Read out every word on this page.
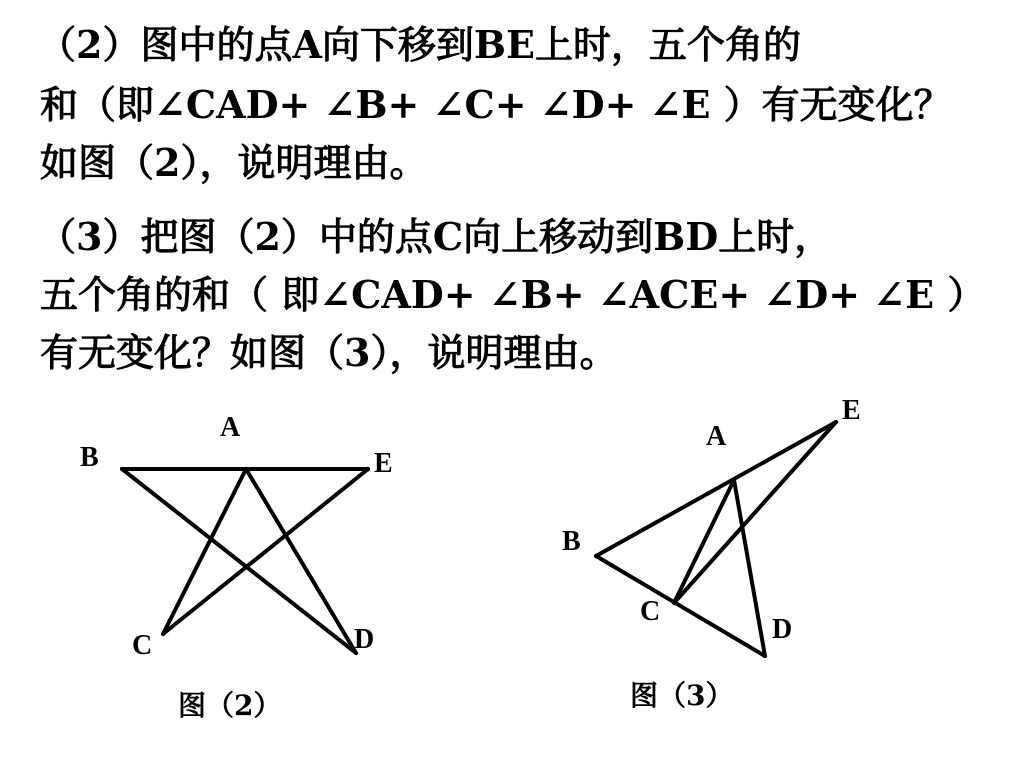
（2）图中的点A向下移到BE上时，五个角的
和（即∠CAD+ ∠B+ ∠C+ ∠D+ ∠E ）有无变化？
如图（2），说明理由。
（3）把图（2）中的点C向上移动到BD上时，
五个角的和（ 即∠CAD+ ∠B+ ∠ACE+ ∠D+ ∠E ）
有无变化？如图（3），说明理由。
A
B	E
C	D
E
A
B
C
D
图（2）	图（3）
